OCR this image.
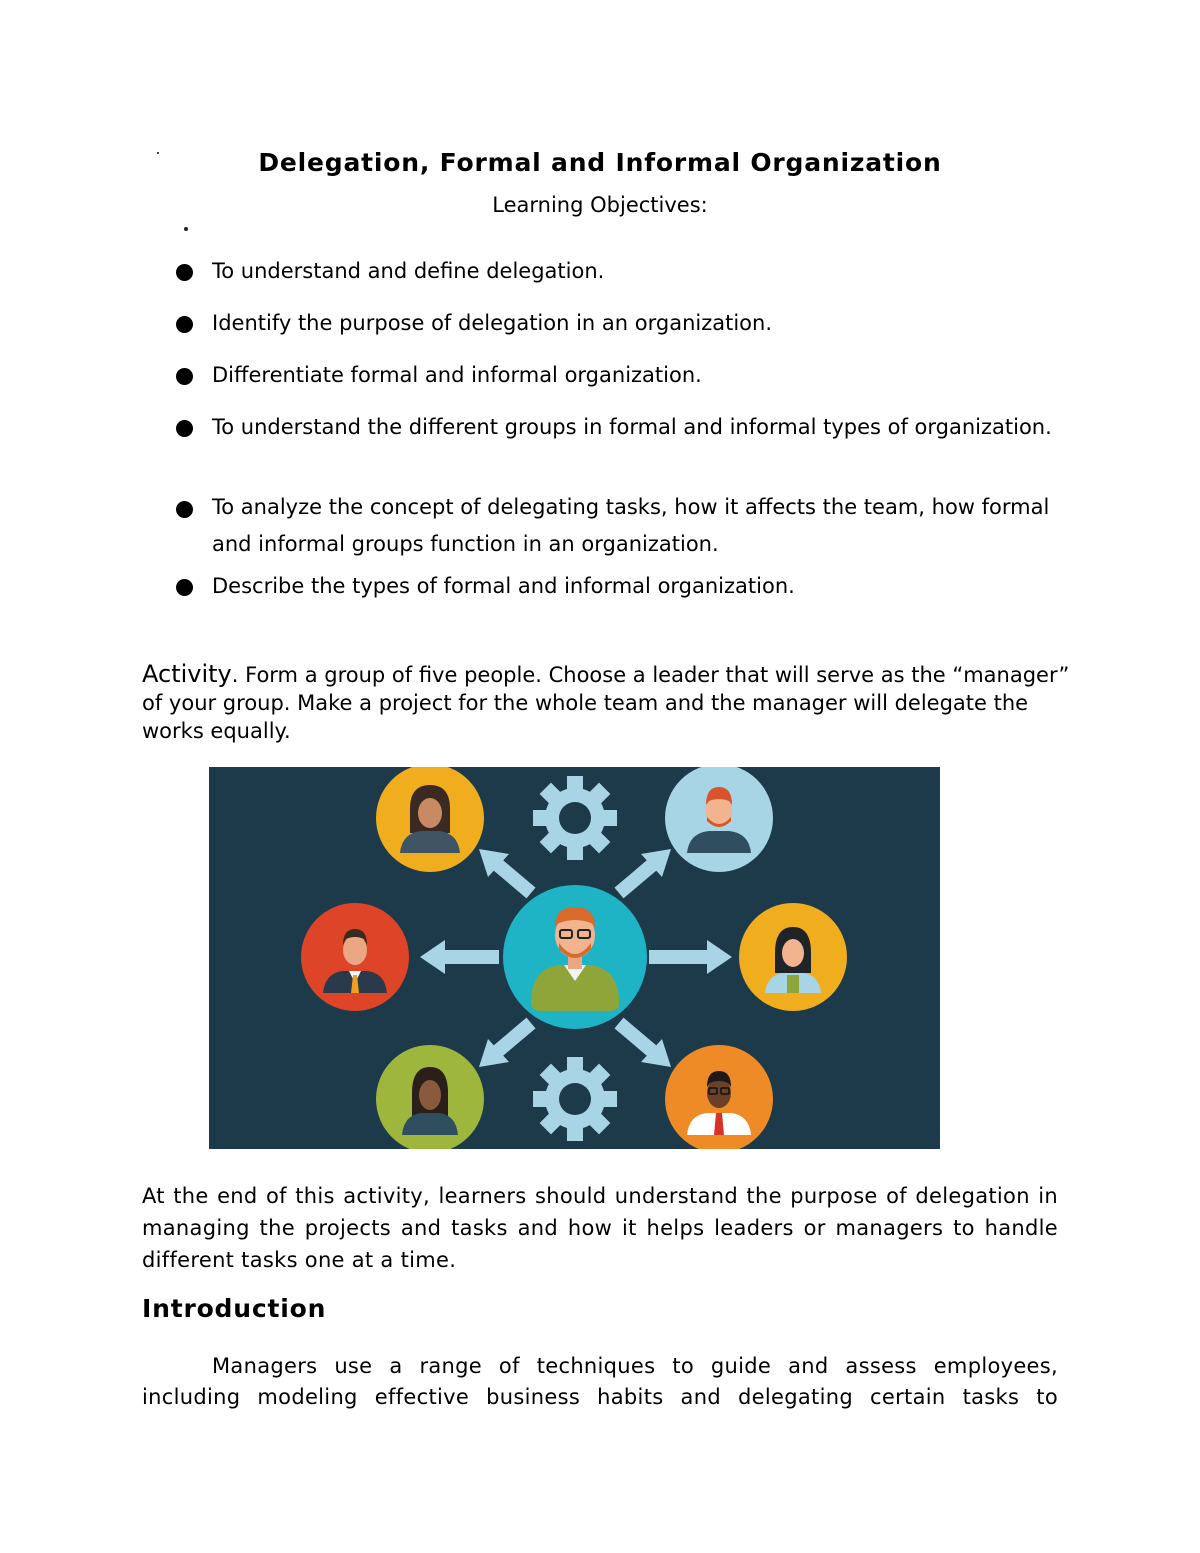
Delegation, Formal and Informal Organization
Learning Objectives:
To understand and define delegation.
Identify the purpose of delegation in an organization.
Differentiate formal and informal organization.
To understand the different groups in formal and informal types of organization.
To analyze the concept of delegating tasks, how it affects the team, how formal and informal groups function in an organization.
Describe the types of formal and informal organization.
Activity. Form a group of five people. Choose a leader that will serve as the “manager” of your group. Make a project for the whole team and the manager will delegate the works equally.
At the end of this activity, learners should understand the purpose of delegation in managing the projects and tasks and how it helps leaders or managers to handle different tasks one at a time.
Introduction
Managers use a range of techniques to guide and assess employees, including modeling effective business habits and delegating certain tasks to
